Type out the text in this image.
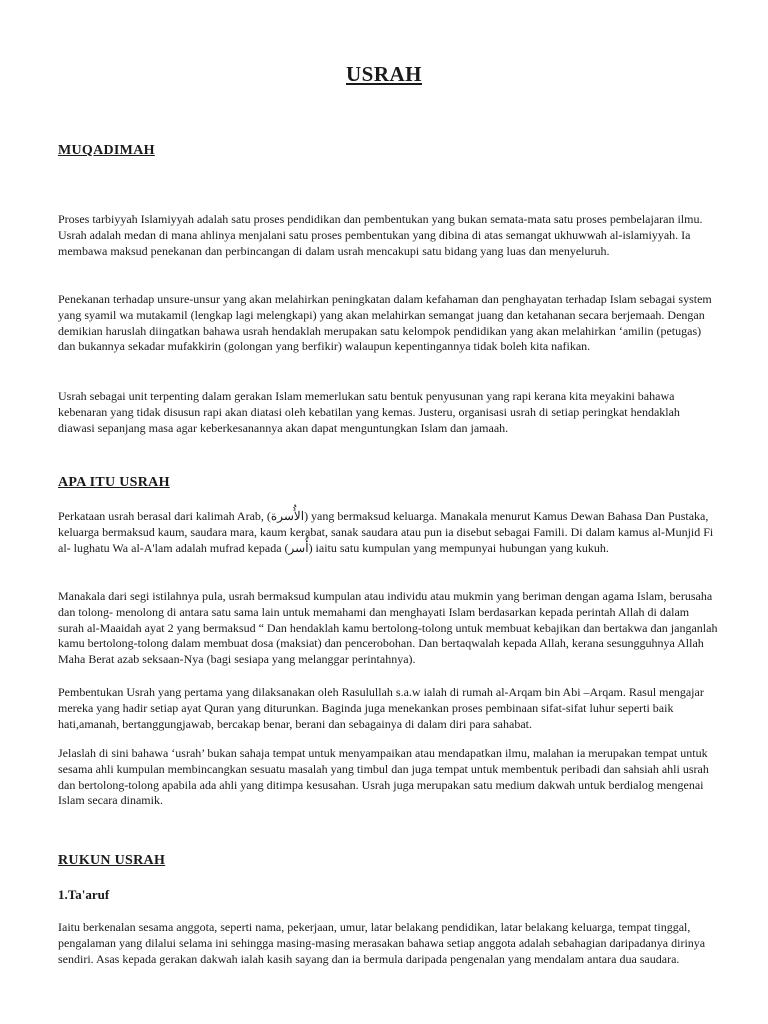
USRAH
MUQADIMAH

Proses tarbiyyah Islamiyyah adalah satu proses pendidikan dan pembentukan yang bukan semata-mata satu proses pembelajaran ilmu. Usrah adalah medan di mana ahlinya menjalani satu proses pembentukan yang dibina di atas semangat ukhuwwah al-islamiyyah. Ia membawa maksud penekanan dan perbincangan di dalam usrah mencakupi satu bidang yang luas dan menyeluruh.

Penekanan terhadap unsure-unsur yang akan melahirkan peningkatan dalam kefahaman dan penghayatan terhadap Islam sebagai system yang syamil wa mutakamil (lengkap lagi melengkapi) yang akan melahirkan semangat juang dan ketahanan secara berjemaah. Dengan demikian haruslah diingatkan bahawa usrah hendaklah merupakan satu kelompok pendidikan yang akan melahirkan ‘amilin (petugas) dan bukannya sekadar mufakkirin (golongan yang berfikir) walaupun kepentingannya tidak boleh kita nafikan.

Usrah sebagai unit terpenting dalam gerakan Islam memerlukan satu bentuk penyusunan yang rapi kerana kita meyakini bahawa kebenaran yang tidak disusun rapi akan diatasi oleh kebatilan yang kemas. Justeru, organisasi usrah di setiap peringkat hendaklah diawasi sepanjang masa agar keberkesanannya akan dapat menguntungkan Islam dan jamaah.

APA ITU USRAH

Perkataan usrah berasal dari kalimah Arab, (الأُسرة) yang bermaksud keluarga. Manakala menurut Kamus Dewan Bahasa Dan Pustaka, keluarga bermaksud kaum, saudara mara, kaum kerabat, sanak saudara atau pun ia disebut sebagai Famili. Di dalam kamus al-Munjid Fi al- lughatu Wa al-A'lam adalah mufrad kepada (أُسر) iaitu satu kumpulan yang mempunyai hubungan yang kukuh.

Manakala dari segi istilahnya pula, usrah bermaksud kumpulan atau individu atau mukmin yang beriman dengan agama Islam, berusaha dan tolong- menolong di antara satu sama lain untuk memahami dan menghayati Islam berdasarkan kepada perintah Allah di dalam surah al-Maaidah ayat 2 yang bermaksud “ Dan hendaklah kamu bertolong-tolong untuk membuat kebajikan dan bertakwa dan janganlah kamu bertolong-tolong dalam membuat dosa (maksiat) dan pencerobohan. Dan bertaqwalah kepada Allah, kerana sesungguhnya Allah Maha Berat azab seksaan-Nya (bagi sesiapa yang melanggar perintahnya).

Pembentukan Usrah yang pertama yang dilaksanakan oleh Rasulullah s.a.w ialah di rumah al-Arqam bin Abi –Arqam. Rasul mengajar mereka yang hadir setiap ayat Quran yang diturunkan. Baginda juga menekankan proses pembinaan sifat-sifat luhur seperti baik hati,amanah, bertanggungjawab, bercakap benar, berani dan sebagainya di dalam diri para sahabat.

Jelaslah di sini bahawa ‘usrah’ bukan sahaja tempat untuk menyampaikan atau mendapatkan ilmu, malahan ia merupakan tempat untuk sesama ahli kumpulan membincangkan sesuatu masalah yang timbul dan juga tempat untuk membentuk peribadi dan sahsiah ahli usrah dan bertolong-tolong apabila ada ahli yang ditimpa kesusahan. Usrah juga merupakan satu medium dakwah untuk berdialog mengenai Islam secara dinamik.

RUKUN USRAH
1.Ta'aruf

Iaitu berkenalan sesama anggota, seperti nama, pekerjaan, umur, latar belakang pendidikan, latar belakang keluarga, tempat tinggal, pengalaman yang dilalui selama ini sehingga masing-masing merasakan bahawa setiap anggota adalah sebahagian daripadanya dirinya sendiri. Asas kepada gerakan dakwah ialah kasih sayang dan ia bermula daripada pengenalan yang mendalam antara dua saudara.
